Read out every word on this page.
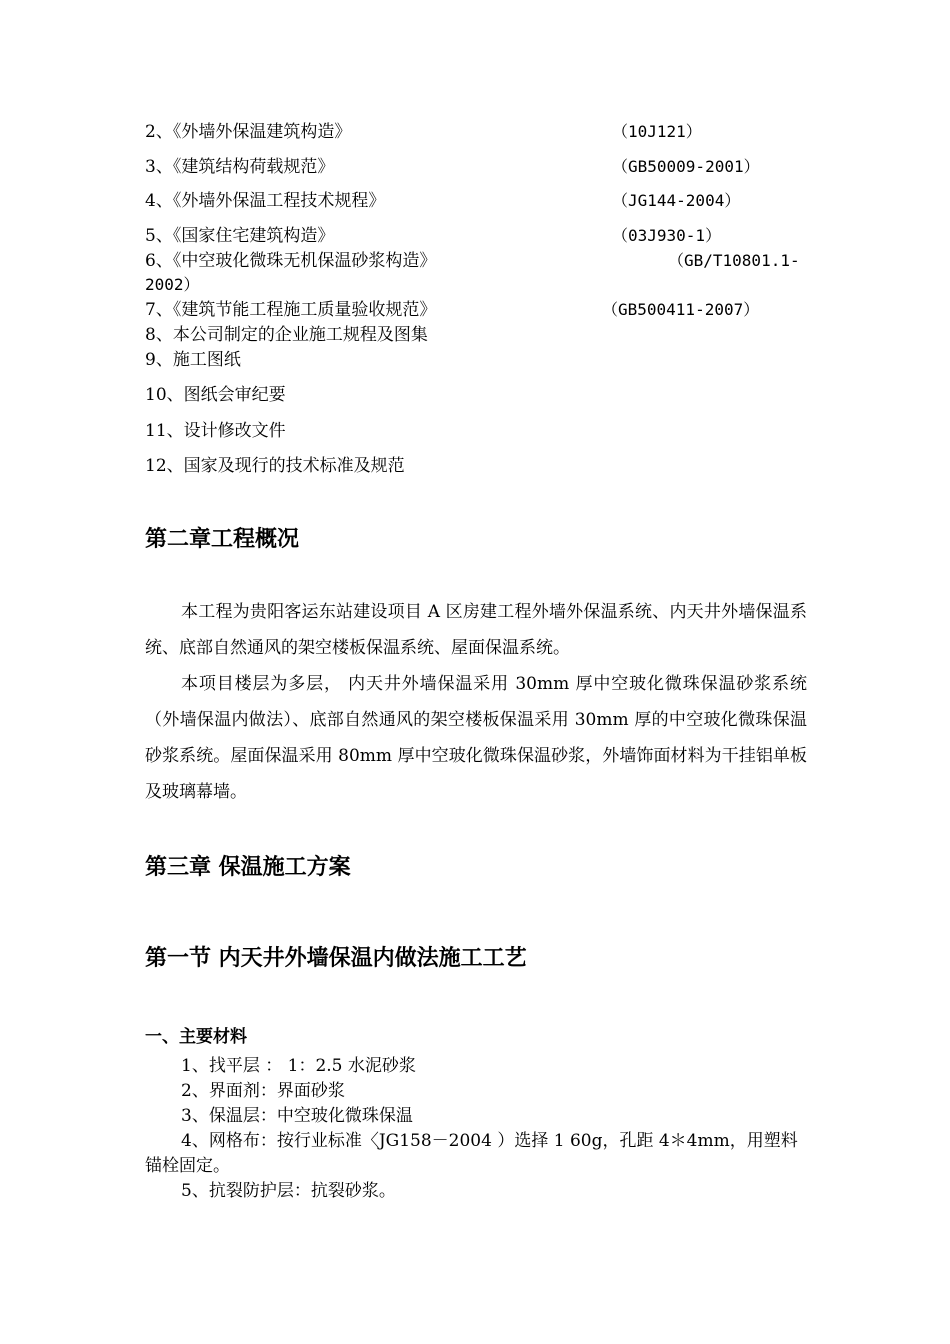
2、《外墙外保温建筑构造》	（10J121）
3、《建筑结构荷载规范》	（GB50009-2001）
4、《外墙外保温工程技术规程》	（JG144-2004）
5、《国家住宅建筑构造》	（03J930-1）
6、《中空玻化微珠无机保温砂浆构造》	（GB/T10801.1-
2002）
7、《建筑节能工程施工质量验收规范》	（GB500411-2007）
8、本公司制定的企业施工规程及图集
9、施工图纸
10、图纸会审纪要
11、设计修改文件
12、国家及现行的技术标准及规范
第二章工程概况
本工程为贵阳客运东站建设项目 A 区房建工程外墙外保温系统、内天井外墙保温系统、底部自然通风的架空楼板保温系统、屋面保温系统。
本项目楼层为多层， 内天井外墙保温采用 30mm 厚中空玻化微珠保温砂浆系统（外墙保温内做法）、底部自然通风的架空楼板保温采用 30mm 厚的中空玻化微珠保温砂浆系统。屋面保温采用 80mm 厚中空玻化微珠保温砂浆，外墙饰面材料为干挂铝单板及玻璃幕墙。
第三章 保温施工方案
第一节 内天井外墙保温内做法施工工艺
一、主要材料
1、找平层 ： 1：2.5 水泥砂浆
2、界面剂：界面砂浆
3、保温层：中空玻化微珠保温
4、网格布：按行业标准〈JG158－2004 ）选择 1 60g，孔距 4＊4mm，用塑料锚栓固定。
5、抗裂防护层：抗裂砂浆。
